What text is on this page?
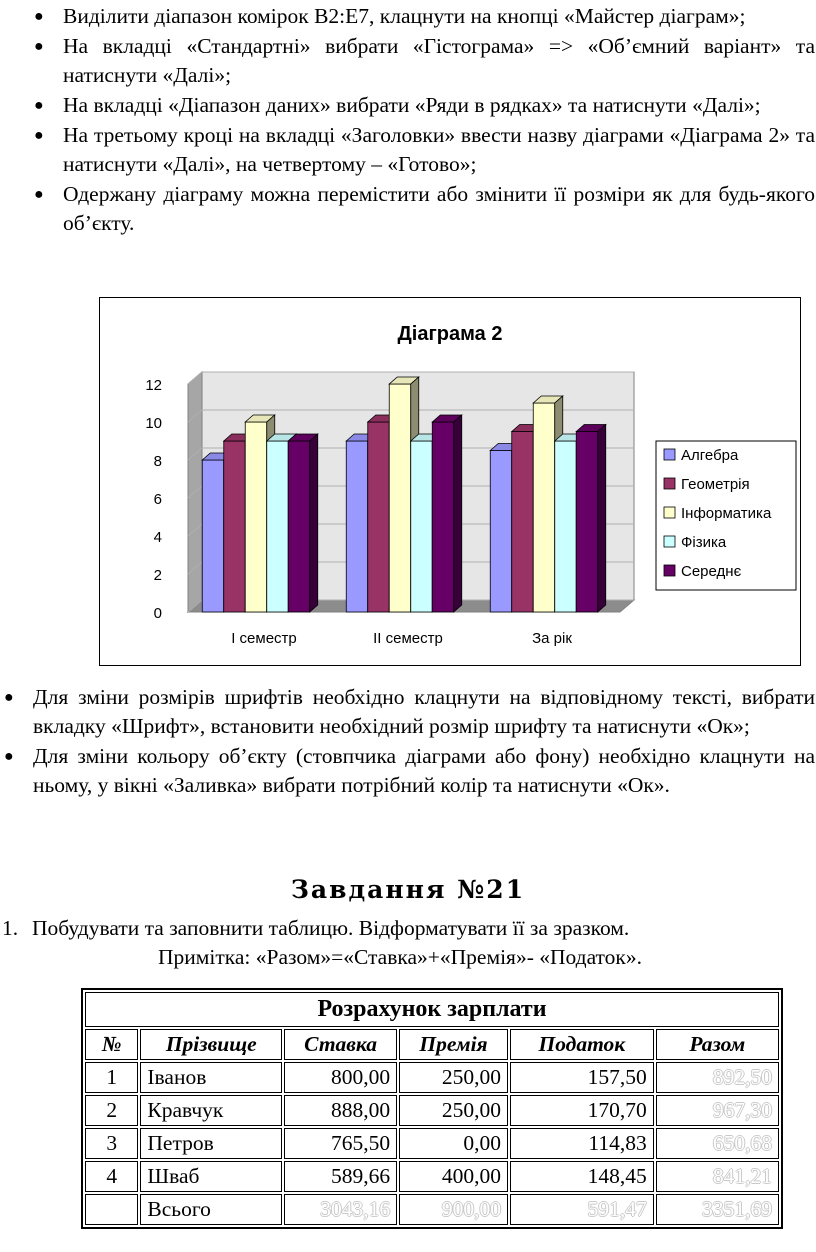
● Виділити діапазон комірок B2:E7, клацнути на кнопці «Майстер діаграм»;
● На вкладці «Стандартні» вибрати «Гістограма» => «Об’ємний варіант» та натиснути «Далі»;
● На вкладці «Діапазон даних» вибрати «Ряди в рядках» та натиснути «Далі»;
● На третьому кроці на вкладці «Заголовки» ввести назву діаграми «Діаграма 2» та натиснути «Далі», на четвертому – «Готово»;
● Одержану діаграму можна перемістити або змінити її розміри як для будь-якого об’єкту.
Діаграма 2
0
2
4
6
8
10
12
І семестр	ІІ семестр	За рік
Алгебра
Геометрія
Інформатика
Фізика
Середнє
● Для зміни розмірів шрифтів необхідно клацнути на відповідному тексті, вибрати вкладку «Шрифт», встановити необхідний розмір шрифту та натиснути «Ок»;
● Для зміни кольору об’єкту (стовпчика діаграми або фону) необхідно клацнути на ньому, у вікні «Заливка» вибрати потрібний колір та натиснути «Ок».
Завдання №21
1. Побудувати та заповнити таблицю. Відформатувати її за зразком.
Примітка: «Разом»=«Ставка»+«Премія»- «Податок».
Розрахунок зарплати					
№	Прізвище	Ставка	Премія	Податок	Разом
1	Іванов	800,00	250,00	157,50	892,50
2	Кравчук	888,00	250,00	170,70	967,30
3	Петров	765,50	0,00	114,83	650,68
4	Шваб	589,66	400,00	148,45	841,21
	Всього	3043,16	900,00	591,47	3351,69
